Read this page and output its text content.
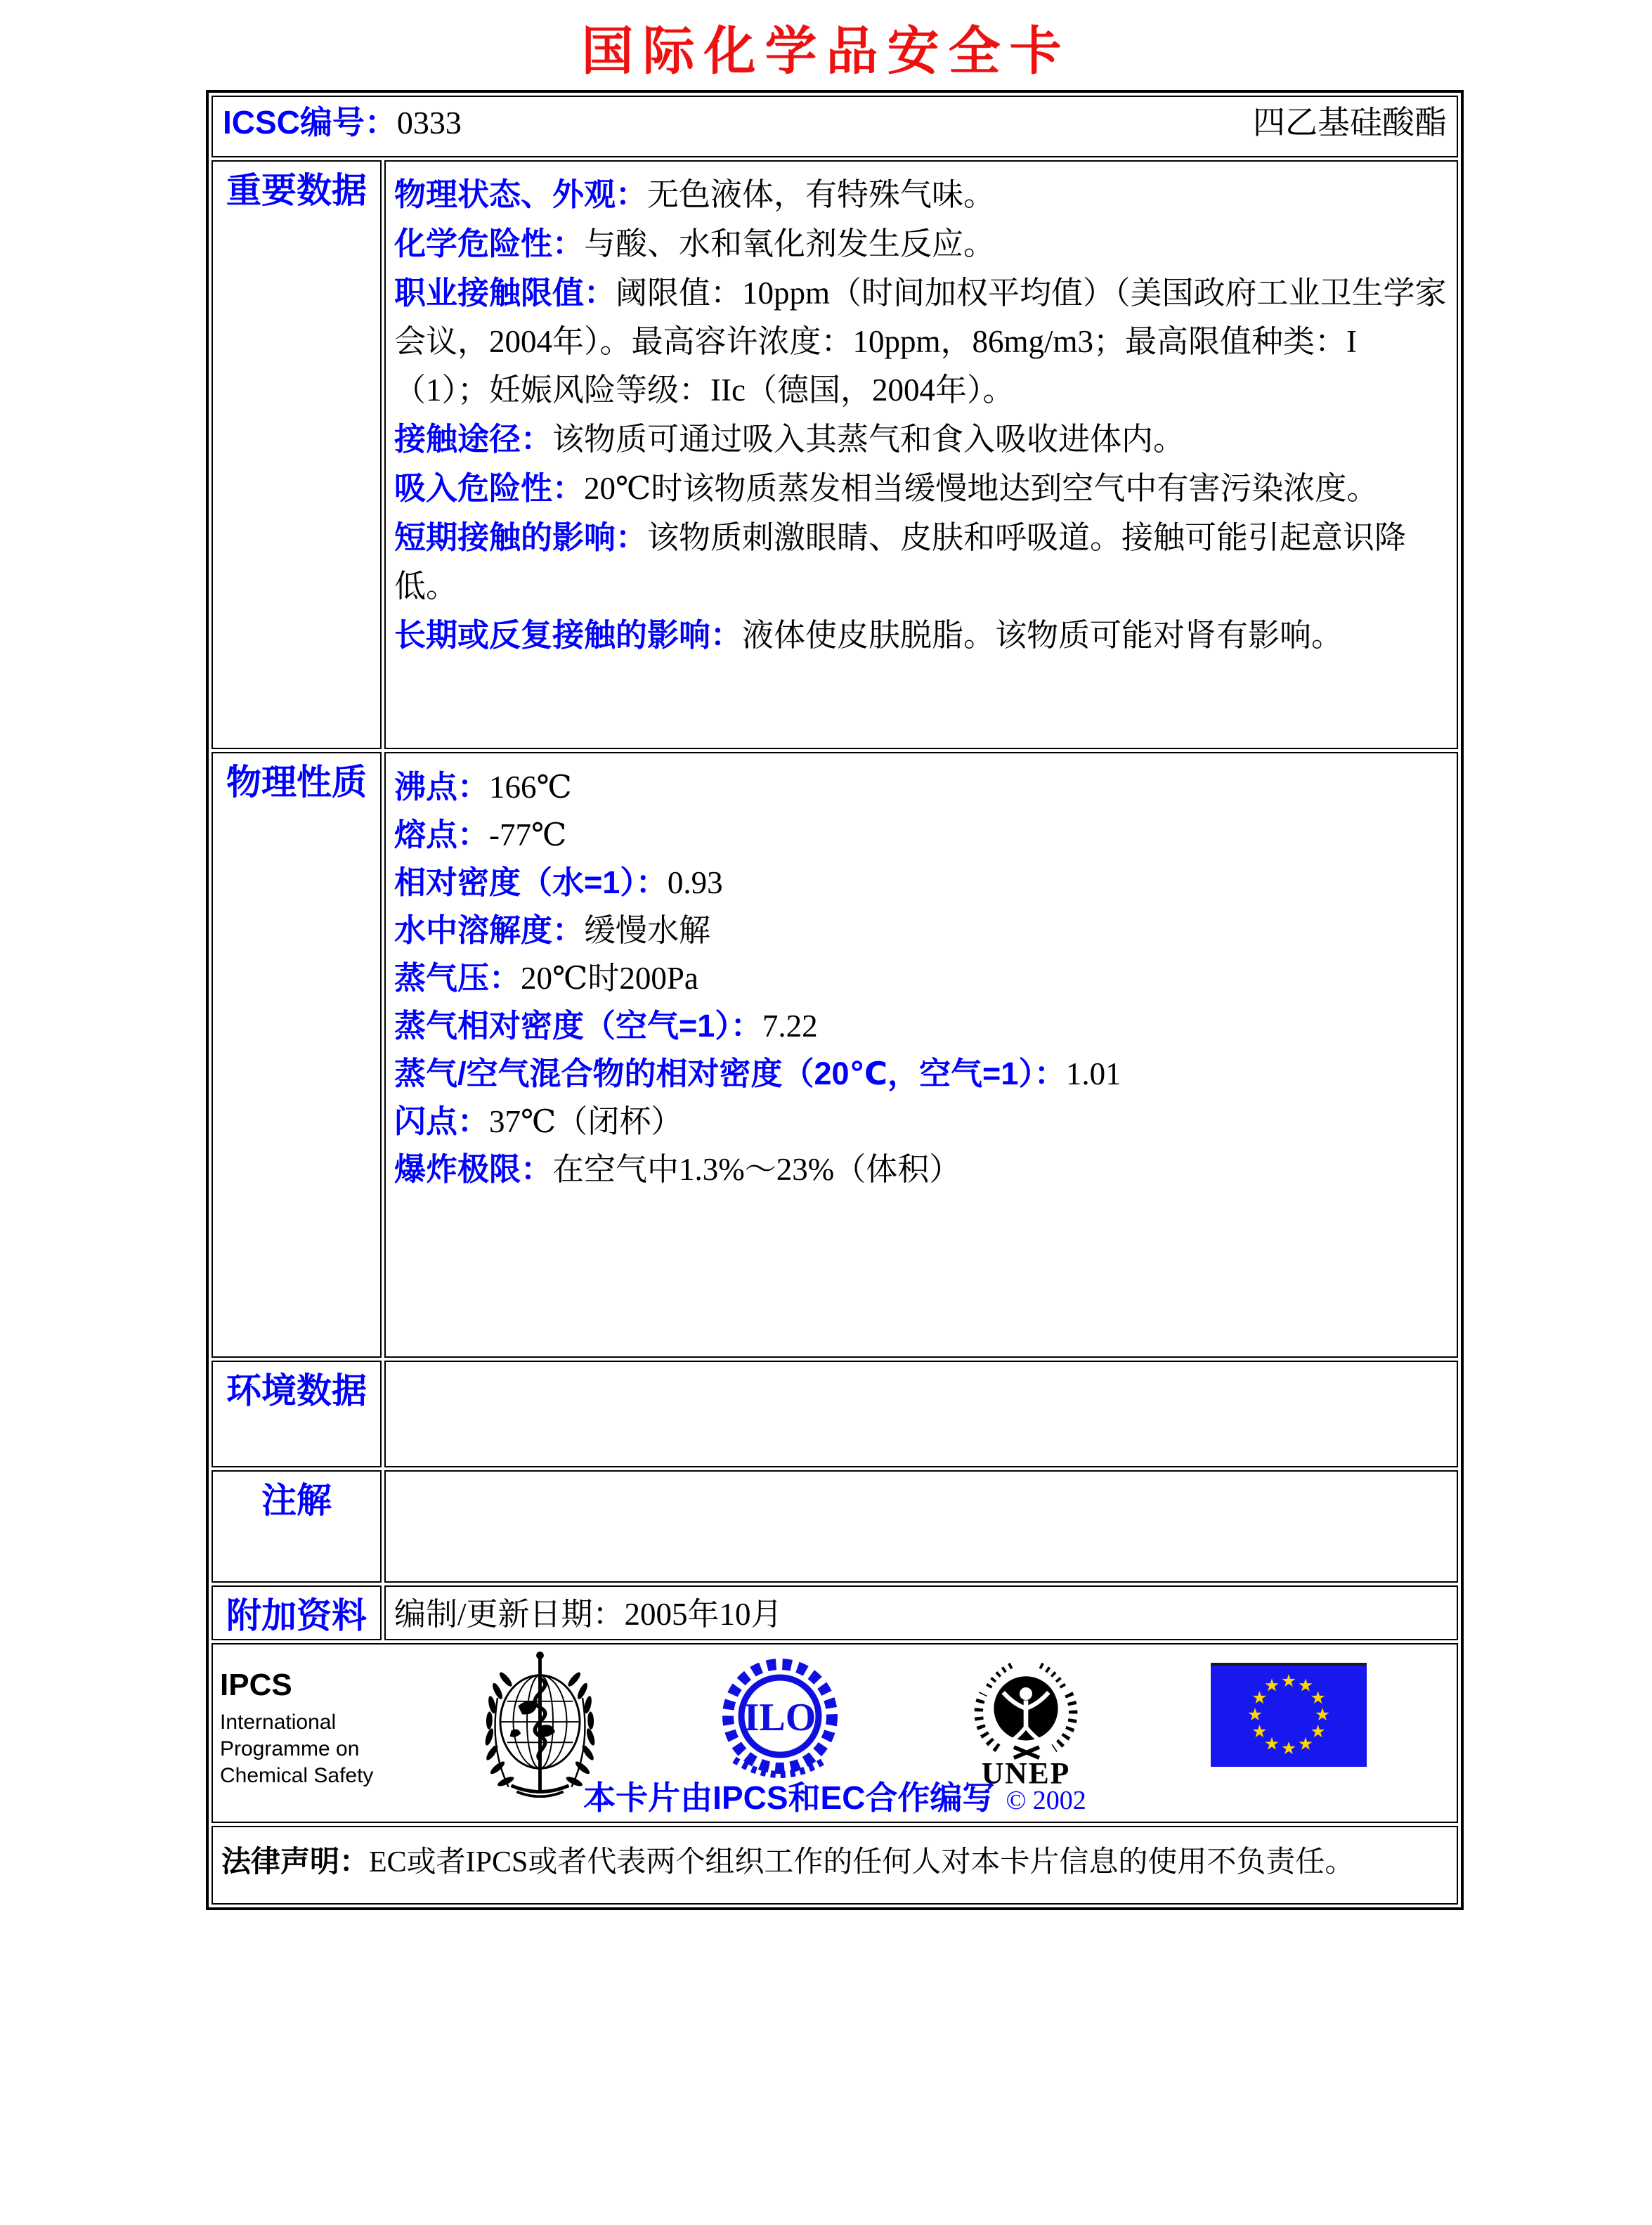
国际化学品安全卡
ICSC编号：0333 四乙基硅酸酯	

重要数据	物理状态、外观：无色液体，有特殊气味。

化学危险性：与酸、水和氧化剂发生反应。

职业接触限值：阈限值：10ppm（时间加权平均值）（美国政府工业卫生学家会议，2004年）。最高容许浓度：10ppm，86mg/m3；最高限值种类：I（1）；妊娠风险等级：IIc（德国，2004年）。

接触途径：该物质可通过吸入其蒸气和食入吸收进体内。

吸入危险性：20℃时该物质蒸发相当缓慢地达到空气中有害污染浓度。

短期接触的影响：该物质刺激眼睛、皮肤和呼吸道。接触可能引起意识降低。

长期或反复接触的影响：液体使皮肤脱脂。该物质可能对肾有影响。

物理性质	沸点：166℃

熔点：-77℃

相对密度（水=1）：0.93

水中溶解度：缓慢水解

蒸气压：20℃时200Pa

蒸气相对密度（空气=1）：7.22

蒸气/空气混合物的相对密度（20℃，空气=1）：1.01

闪点：37℃（闭杯）

爆炸极限：在空气中1.3%～23%（体积）

环境数据	
注解	
附加资料	编制/更新日期：2005年10月

IPCS
International
Programme on
Chemical Safety
ILO
UNEP
本卡片由IPCS和EC合作编写 © 2002

法律声明：EC或者IPCS或者代表两个组织工作的任何人对本卡片信息的使用不负责任。	
